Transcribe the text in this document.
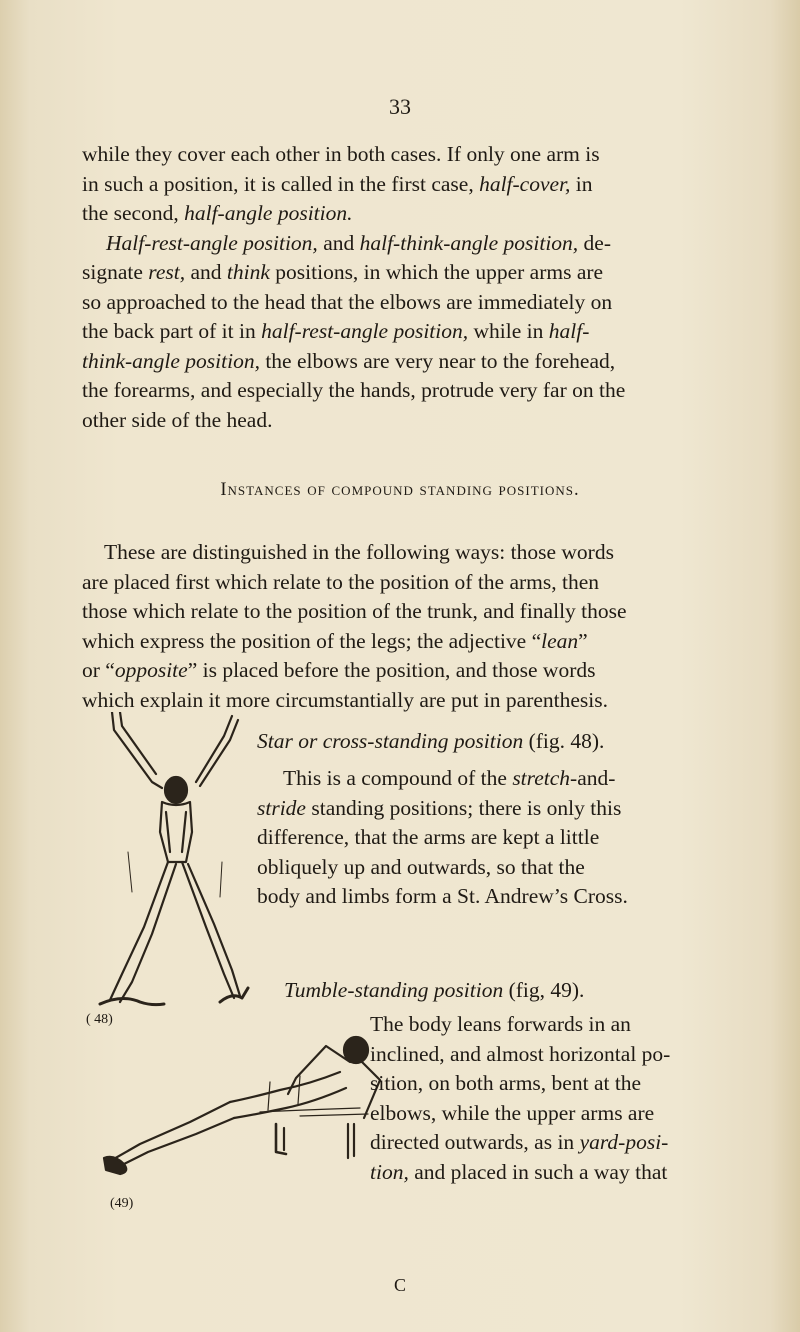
33
while they cover each other in both cases. If only one arm is
in such a position, it is called in the first case, half-cover, in
the second, half-angle position.
Half-rest-angle position, and half-think-angle position, de-
signate rest, and think positions, in which the upper arms are
so approached to the head that the elbows are immediately on
the back part of it in half-rest-angle position, while in half-
think-angle position, the elbows are very near to the forehead,
the forearms, and especially the hands, protrude very far on the
other side of the head.
Instances of compound standing positions.
These are distinguished in the following ways: those words
are placed first which relate to the position of the arms, then
those which relate to the position of the trunk, and finally those
which express the position of the legs; the adjective “lean”
or “opposite” is placed before the position, and those words
which explain it more circumstantially are put in parenthesis.
( 48)
Star or cross-standing position (fig. 48).
This is a compound of the stretch-and-
stride standing positions; there is only this
difference, that the arms are kept a little
obliquely up and outwards, so that the
body and limbs form a St. Andrew’s Cross.
Tumble-standing position (fig, 49).
(49)
The body leans forwards in an
inclined, and almost horizontal po-
sition, on both arms, bent at the
elbows, while the upper arms are
directed outwards, as in yard-posi-
tion, and placed in such a way that
C
